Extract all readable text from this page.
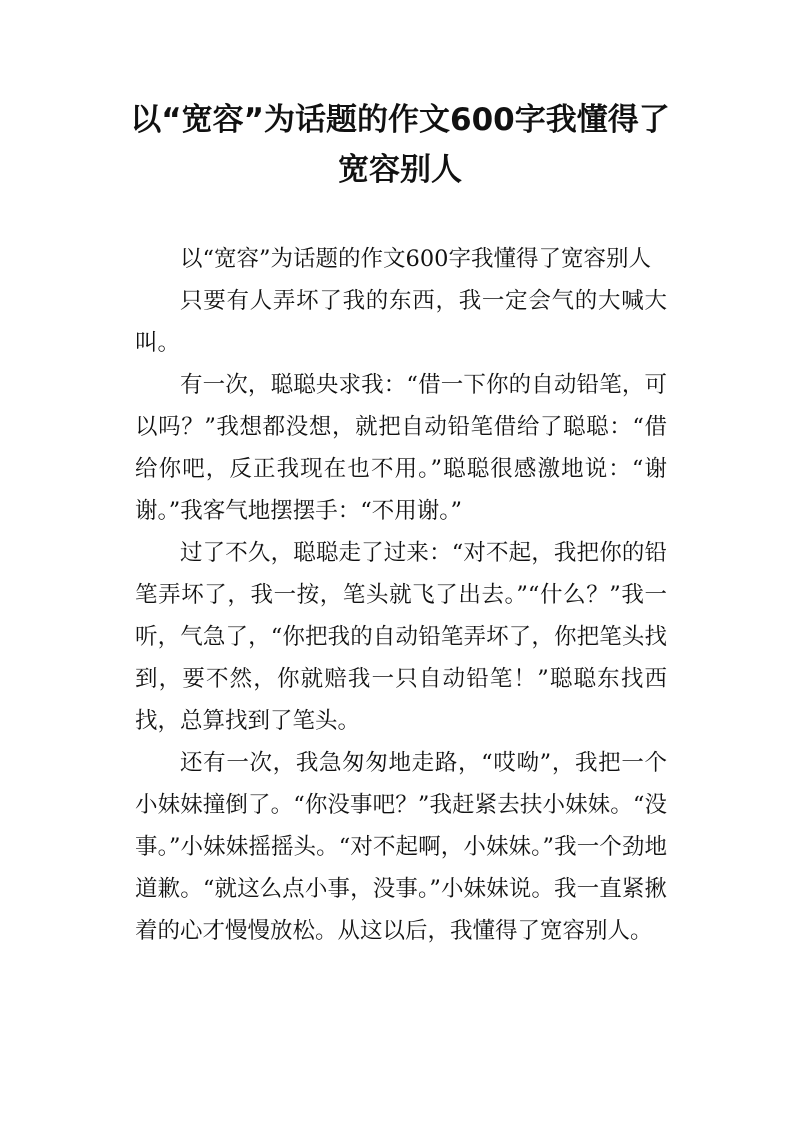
以“宽容”为话题的作文600字我懂得了宽容别人

以“宽容”为话题的作文600字我懂得了宽容别人

只要有人弄坏了我的东西，我一定会气的大喊大叫。

有一次，聪聪央求我：“借一下你的自动铅笔，可以吗？”我想都没想，就把自动铅笔借给了聪聪：“借给你吧，反正我现在也不用。”聪聪很感激地说：“谢谢。”我客气地摆摆手：“不用谢。”

过了不久，聪聪走了过来：“对不起，我把你的铅笔弄坏了，我一按，笔头就飞了出去。”“什么？”我一听，气急了，“你把我的自动铅笔弄坏了，你把笔头找到，要不然，你就赔我一只自动铅笔！”聪聪东找西找，总算找到了笔头。

还有一次，我急匆匆地走路，“哎呦”，我把一个小妹妹撞倒了。“你没事吧？”我赶紧去扶小妹妹。“没事。”小妹妹摇摇头。“对不起啊，小妹妹。”我一个劲地道歉。“就这么点小事，没事。”小妹妹说。我一直紧揪着的心才慢慢放松。从这以后，我懂得了宽容别人。
